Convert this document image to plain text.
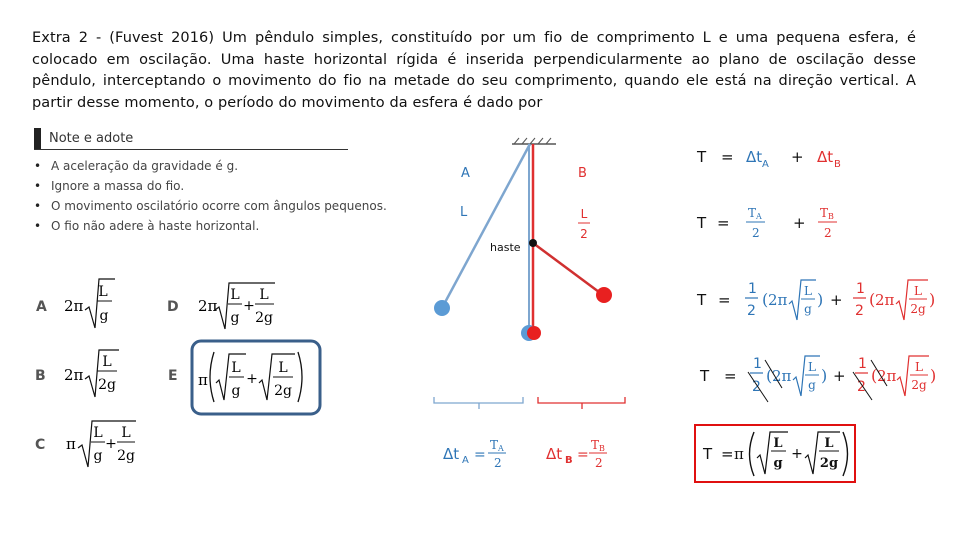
Extra 2 - (Fuvest 2016) Um pêndulo simples, constituído por um fio de comprimento L e uma pequena esfera, é colocado em oscilação. Uma haste horizontal rígida é inserida perpendicularmente ao plano de oscilação desse pêndulo, interceptando o movimento do fio na metade do seu comprimento, quando ele está na direção vertical. A partir desse momento, o período do movimento da esfera é dado por
Note e adote
• A aceleração da gravidade é g.
• Ignore a massa do fio.
• O movimento oscilatório ocorre com ângulos pequenos.
• O fio não adere à haste horizontal.
A 2π
L
g
B 2π
L
2g
C π
L
g
+
L
2g
D 2π
L
g
+
L
2g
E π
L
g
+
L
2g
haste
A	B
L	L
2
Δt A =
T A
2	Δt B =
T B
2
T = Δt A + Δt B
T =
T A
2
+
T B
2
T =
1
2
( 2π L
g ) +
1
2
( 2π L
2g )
T =
1
2
( 2π L
g ) +
1
2
( 2π L
2g )
T = π
L
g
+
L
2g
